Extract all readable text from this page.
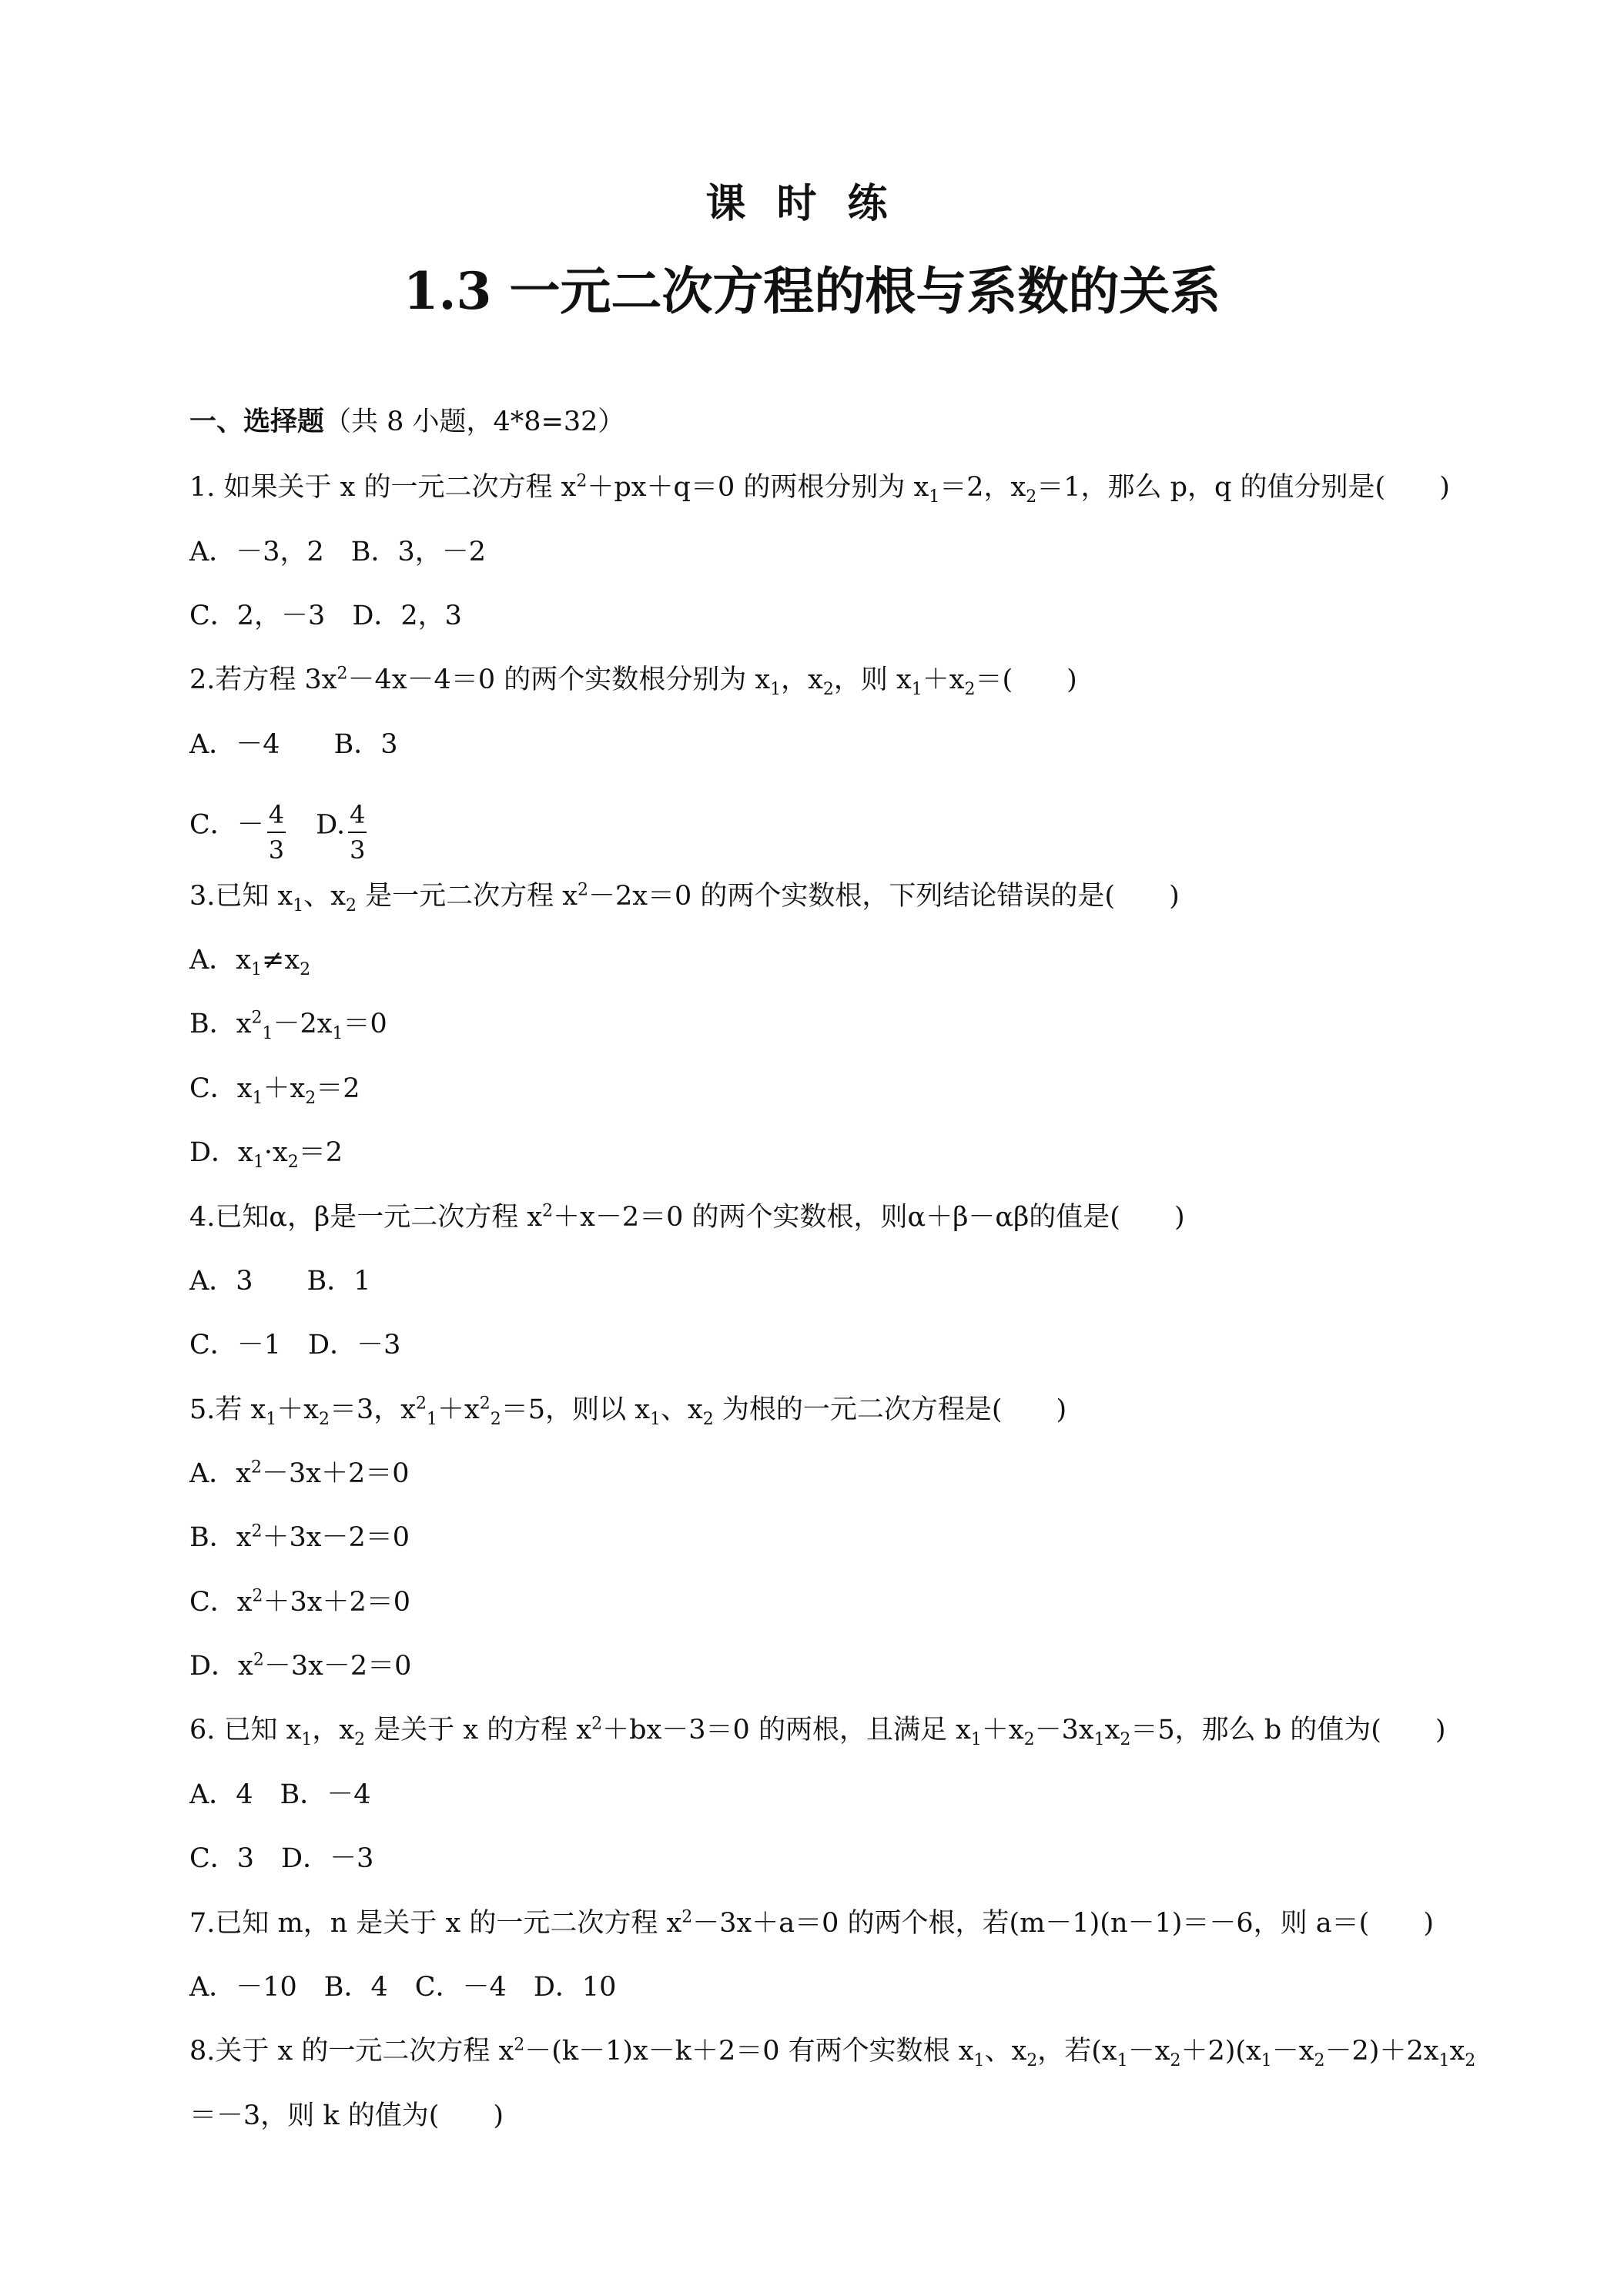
课时练
1.3 一元二次方程的根与系数的关系
一、选择题（共 8 小题，4*8=32）
1. 如果关于 x 的一元二次方程 $x^2+px+q=0$ 的两根分别为 $x_1=2$，$x_2=1$，那么 p，q 的值分别是(　　)
A．－3，2　B．3，－2
C．2，－3　D．2，3
2.若方程 $3x^2-4x-4=0$ 的两个实数根分别为 $x_1$，$x_2$，则 $x_1+x_2=$(　　)
A．－4　　B．3
C．－ $\frac{4}{3}$ 　D. $\frac{4}{3}$
3.已知 $x_1$、$x_2$ 是一元二次方程 $x^2-2x=0$ 的两个实数根，下列结论错误的是(　　)
A．$x_1\ne x_2$
B．$x^2_1-2x_1=0$
C．$x_1+x_2=2$
D．$x_1\cdot x_2=2$
4.已知α，β是一元二次方程 $x^2+x-2=0$ 的两个实数根，则α＋β－αβ的值是(　　)
A．3　　B．1
C．－1　D．－3
5.若 $x_1+x_2=3$，$x^2_1+x^2_2=5$，则以 $x_1$、$x_2$ 为根的一元二次方程是(　　)
A．$x^2-3x+2=0$
B．$x^2+3x-2=0$
C．$x^2+3x+2=0$
D．$x^2-3x-2=0$
6. 已知 $x_1$，$x_2$ 是关于 x 的方程 $x^2+bx-3=0$ 的两根，且满足 $x_1+x_2-3x_1x_2=5$，那么 b 的值为(　　)
A．4　B．－4
C．3　D．－3
7.已知 m，n 是关于 x 的一元二次方程 $x^2-3x+a=0$ 的两个根，若(m－1)(n－1)＝－6，则 a＝(　　)
A．－10　B．4　C．－4　D．10
8.关于 x 的一元二次方程 $x^2-(k-1)x-k+2=0$ 有两个实数根 $x_1$、$x_2$，若$(x_1-x_2+2)(x_1-x_2-2)+2x_1x_2$
＝－3，则 k 的值为(　　)
